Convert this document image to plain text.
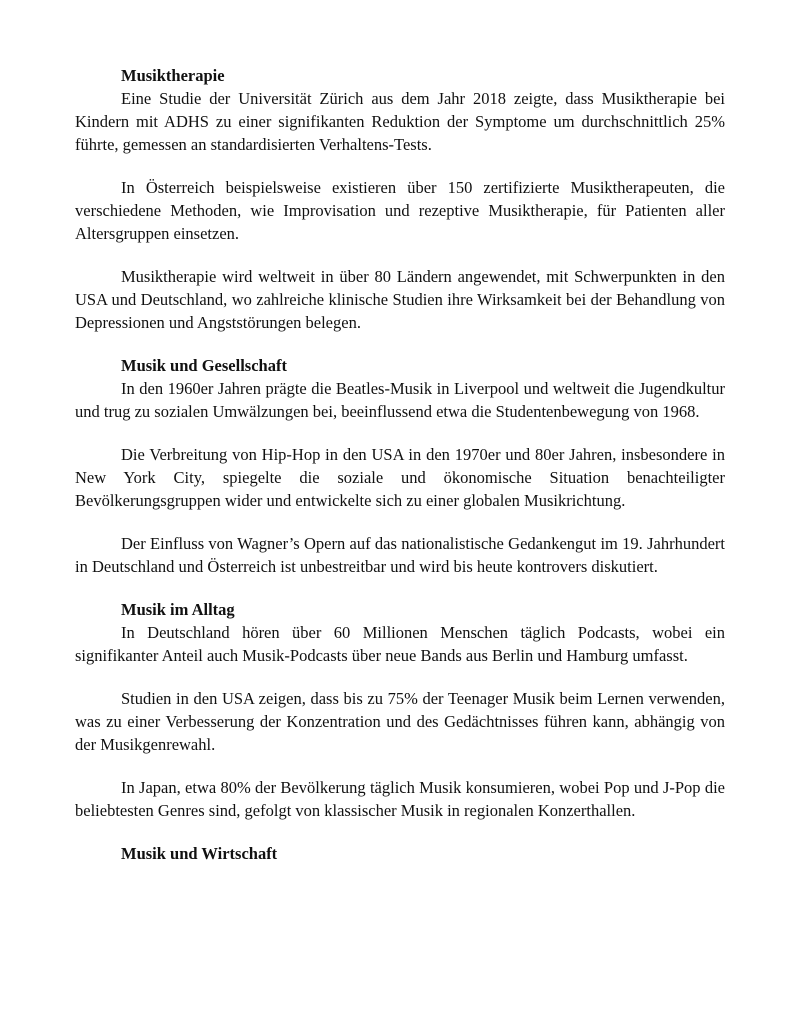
Musiktherapie

Eine Studie der Universität Zürich aus dem Jahr 2018 zeigte, dass Musiktherapie bei Kindern mit ADHS zu einer signifikanten Reduktion der Symptome um durchschnittlich 25% führte, gemessen an standardisierten Verhaltens-Tests.

In Österreich beispielsweise existieren über 150 zertifizierte Musiktherapeuten, die verschiedene Methoden, wie Improvisation und rezeptive Musiktherapie, für Patienten aller Altersgruppen einsetzen.

Musiktherapie wird weltweit in über 80 Ländern angewendet, mit Schwerpunkten in den USA und Deutschland, wo zahlreiche klinische Studien ihre Wirksamkeit bei der Behandlung von Depressionen und Angststörungen belegen.

Musik und Gesellschaft

In den 1960er Jahren prägte die Beatles-Musik in Liverpool und weltweit die Jugendkultur und trug zu sozialen Umwälzungen bei, beeinflussend etwa die Studentenbewegung von 1968.

Die Verbreitung von Hip-Hop in den USA in den 1970er und 80er Jahren, insbesondere in New York City, spiegelte die soziale und ökonomische Situation benachteiligter Bevölkerungsgruppen wider und entwickelte sich zu einer globalen Musikrichtung.

Der Einfluss von Wagner’s Opern auf das nationalistische Gedankengut im 19. Jahrhundert in Deutschland und Österreich ist unbestreitbar und wird bis heute kontrovers diskutiert.

Musik im Alltag

In Deutschland hören über 60 Millionen Menschen täglich Podcasts, wobei ein signifikanter Anteil auch Musik-Podcasts über neue Bands aus Berlin und Hamburg umfasst.

Studien in den USA zeigen, dass bis zu 75% der Teenager Musik beim Lernen verwenden, was zu einer Verbesserung der Konzentration und des Gedächtnisses führen kann, abhängig von der Musikgenrewahl.

In Japan, etwa 80% der Bevölkerung täglich Musik konsumieren, wobei Pop und J-Pop die beliebtesten Genres sind, gefolgt von klassischer Musik in regionalen Konzerthallen.

Musik und Wirtschaft
